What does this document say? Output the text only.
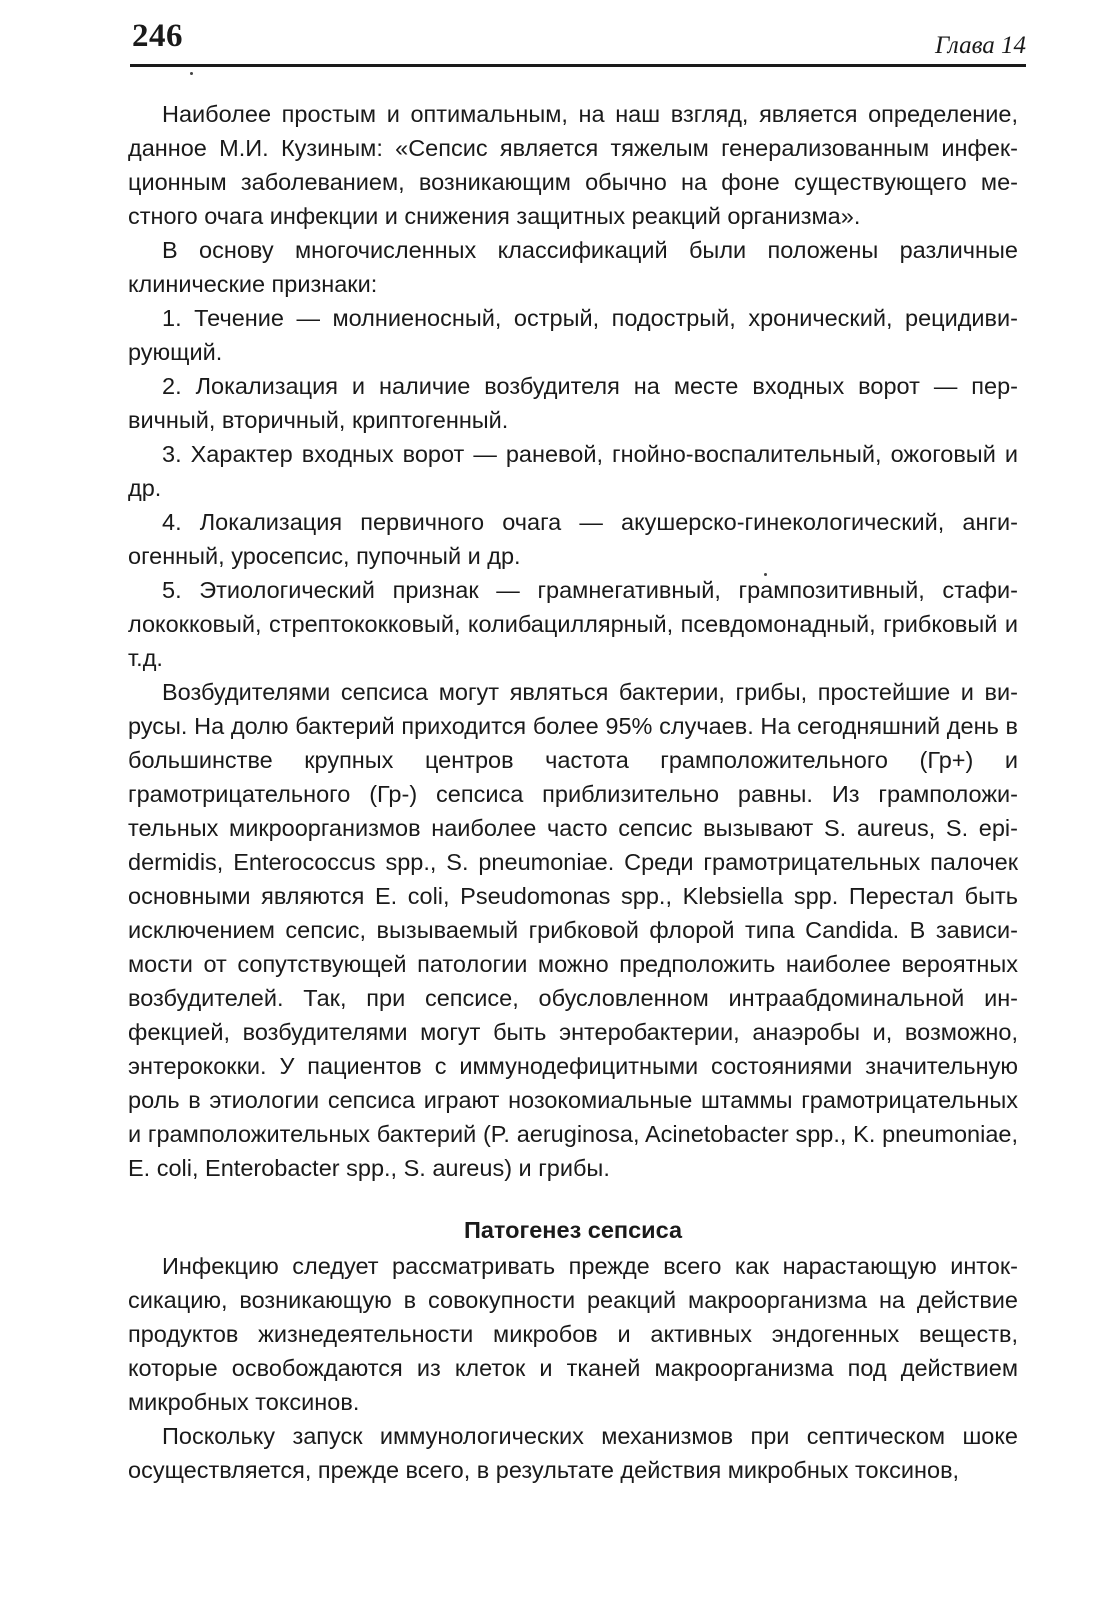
246	Глава 14

Наиболее простым и оптимальным, на наш взгляд, является определение, данное М.И. Кузиным: «Сепсис является тяжелым генерализованным инфекционным заболеванием, возникающим обычно на фоне существующего местного очага инфекции и снижения защитных реакций организма».

В основу многочисленных классификаций были положены различные клинические признаки:

1. Течение — молниеносный, острый, подострый, хронический, рецидивирующий.

2. Локализация и наличие возбудителя на месте входных ворот — первичный, вторичный, криптогенный.

3. Характер входных ворот — раневой, гнойно-воспалительный, ожоговый и др.

4. Локализация первичного очага — акушерско-гинекологический, ангиогенный, уросепсис, пупочный и др.

5. Этиологический признак — грамнегативный, грампозитивный, стафилококковый, стрептококковый, колибациллярный, псевдомонадный, грибковый и т.д.

Возбудителями сепсиса могут являться бактерии, грибы, простейшие и вирусы. На долю бактерий приходится более 95% случаев. На сегодняшний день в большинстве крупных центров частота грамположительного (Гр+) и грамотрицательного (Гр-) сепсиса приблизительно равны. Из грамположительных микроорганизмов наиболее часто сепсис вызывают S. aureus, S. epidermidis, Enterococcus spp., S. pneumoniae. Среди грамотрицательных палочек основными являются E. coli, Pseudomonas spp., Klebsiella spp. Перестал быть исключением сепсис, вызываемый грибковой флорой типа Candida. В зависимости от сопутствующей патологии можно предположить наиболее вероятных возбудителей. Так, при сепсисе, обусловленном интраабдоминальной инфекцией, возбудителями могут быть энтеробактерии, анаэробы и, возможно, энтерококки. У пациентов с иммунодефицитными состояниями значительную роль в этиологии сепсиса играют нозокомиальные штаммы грамотрицательных и грамположительных бактерий (P. aeruginosa, Acinetobacter spp., K. pneumoniae, E. coli, Enterobacter spp., S. aureus) и грибы.

Патогенез сепсиса

Инфекцию следует рассматривать прежде всего как нарастающую интоксикацию, возникающую в совокупности реакций макроорганизма на действие продуктов жизнедеятельности микробов и активных эндогенных веществ, которые освобождаются из клеток и тканей макроорганизма под действием микробных токсинов.

Поскольку запуск иммунологических механизмов при септическом шоке осуществляется, прежде всего, в результате действия микробных токсинов,
